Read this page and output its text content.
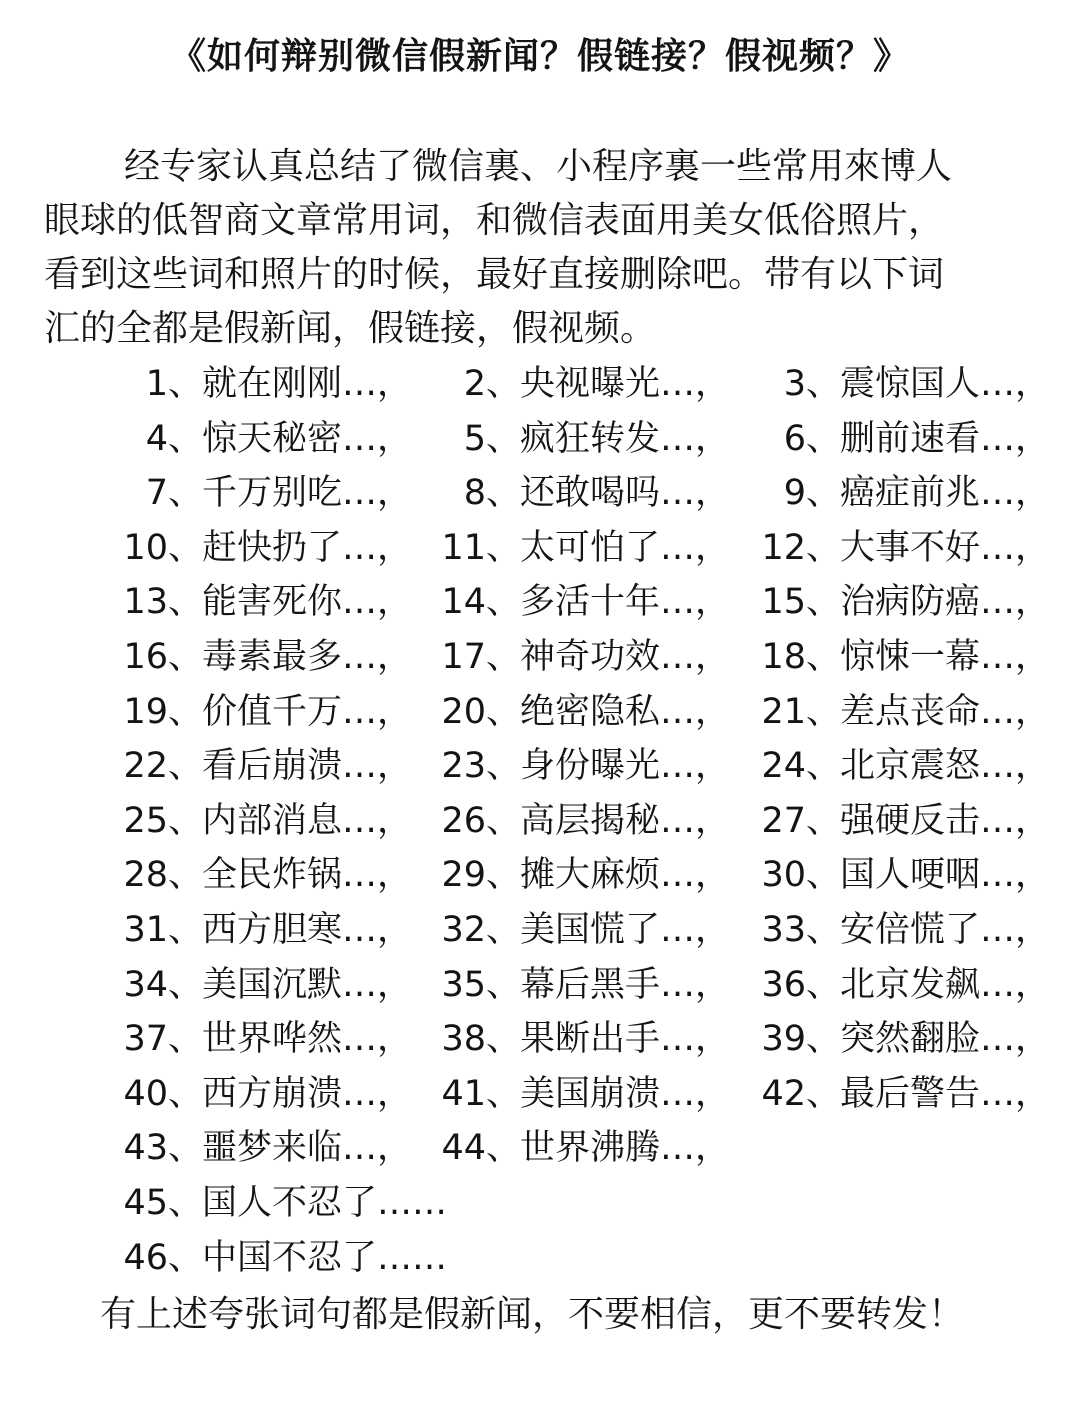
《如何辩别微信假新闻？假链接？假视频？》
经专家认真总结了微信裏、小程序裏一些常用來博人
眼球的低智商文章常用词，和微信表面用美女低俗照片，
看到这些词和照片的时候，最好直接删除吧。带有以下词
汇的全都是假新闻，假链接，假视频。
1、就在刚刚…，	2、央视曝光…，	3、震惊国人…，
4、惊天秘密…，	5、疯狂转发…，	6、删前速看…，
7、千万别吃…，	8、还敢喝吗…，	9、癌症前兆…，
10、赶快扔了…， 11、太可怕了…， 12、大事不好…，
13、能害死你…， 14、多活十年…， 15、治病防癌…，
16、毒素最多…， 17、神奇功效…， 18、惊悚一幕…，
19、价值千万…， 20、绝密隐私…， 21、差点丧命…，
22、看后崩溃…， 23、身份曝光…， 24、北京震怒…，
25、内部消息…， 26、高层揭秘…， 27、强硬反击…，
28、全民炸锅…， 29、摊大麻烦…， 30、国人哽咽…，
31、西方胆寒…， 32、美国慌了…， 33、安倍慌了…，
34、美国沉默…， 35、幕后黑手…， 36、北京发飙…，
37、世界哗然…， 38、果断出手…， 39、突然翻脸…，
40、西方崩溃…， 41、美国崩溃…， 42、最后警告…，
43、噩梦来临…， 44、世界沸腾…，
45、国人不忍了……
46、中国不忍了……
有上述夸张词句都是假新闻，不要相信，更不要转发！
